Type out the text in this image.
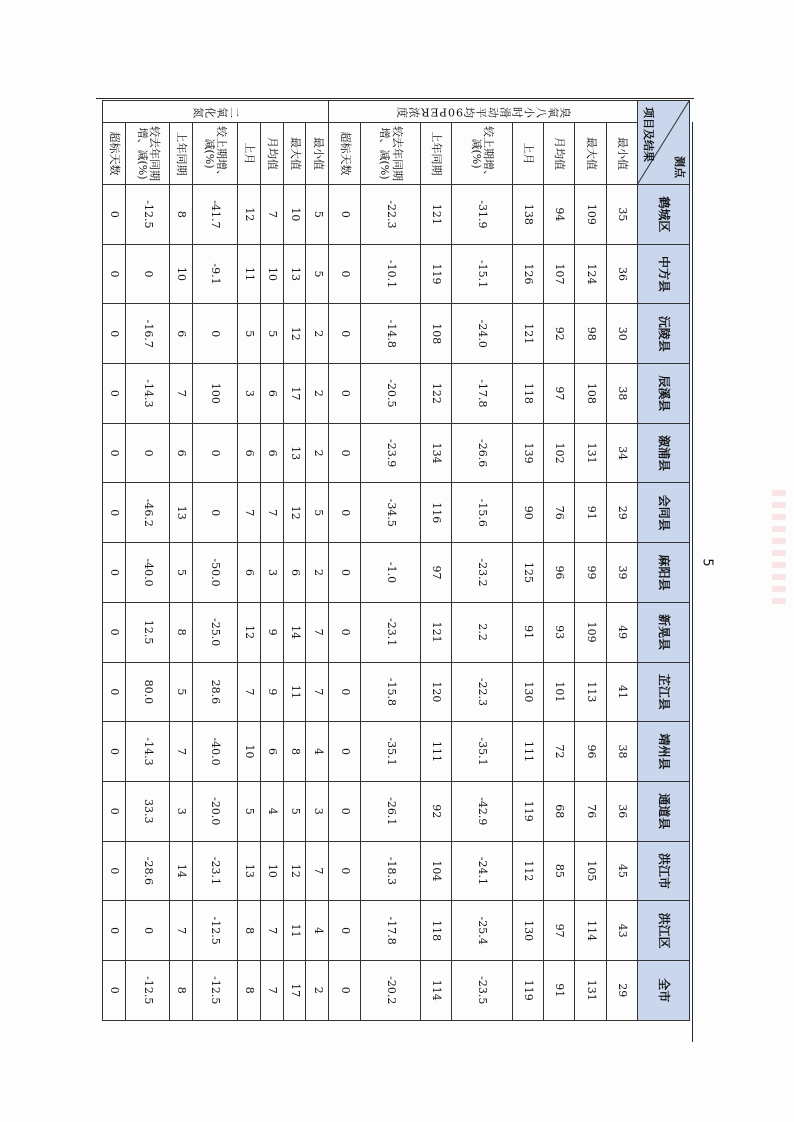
测点
项目及结果		鹤城区	中方县	沅陵县	辰溪县	溆浦县	会同县	麻阳县	新晃县	芷江县	靖州县	通道县	洪江市	洪江区	全市
臭氧八小时滑动平均90PER浓度	最小值	35	36	30	38	34	29	39	49	41	38	36	45	43	29
	最大值	109	124	98	108	131	91	99	109	113	96	76	105	114	131
	月均值	94	107	92	97	102	76	96	93	101	72	68	85	97	91
	上月	138	126	121	118	139	90	125	91	130	111	119	112	130	119
	较上期增、减(%)	-31.9	-15.1	-24.0	-17.8	-26.6	-15.6	-23.2	2.2	-22.3	-35.1	-42.9	-24.1	-25.4	-23.5
	上年同期	121	119	108	122	134	116	97	121	120	111	92	104	118	114
	较去年同期增、减(%)	-22.3	-10.1	-14.8	-20.5	-23.9	-34.5	-1.0	-23.1	-15.8	-35.1	-26.1	-18.3	-17.8	-20.2
	超标天数	0	0	0	0	0	0	0	0	0	0	0	0	0	0
二氧化氮	最小值	5	5	2	2	2	5	2	7	7	4	3	7	4	2
	最大值	10	13	12	17	13	12	6	14	11	8	5	12	11	17
	月均值	7	10	5	6	6	7	3	9	9	6	4	10	7	7
	上月	12	11	5	3	6	7	6	12	7	10	5	13	8	8
	较上期增、减(%)	-41.7	-9.1	0	100	0	0	-50.0	-25.0	28.6	-40.0	-20.0	-23.1	-12.5	-12.5
	上年同期	8	10	6	7	6	13	5	8	5	7	3	14	7	8
	较去年同期增、减(%)	-12.5	0	-16.7	-14.3	0	-46.2	-40.0	12.5	80.0	-14.3	33.3	-28.6	0	-12.5
	超标天数	0	0	0	0	0	0	0	0	0	0	0	0	0	0
5
